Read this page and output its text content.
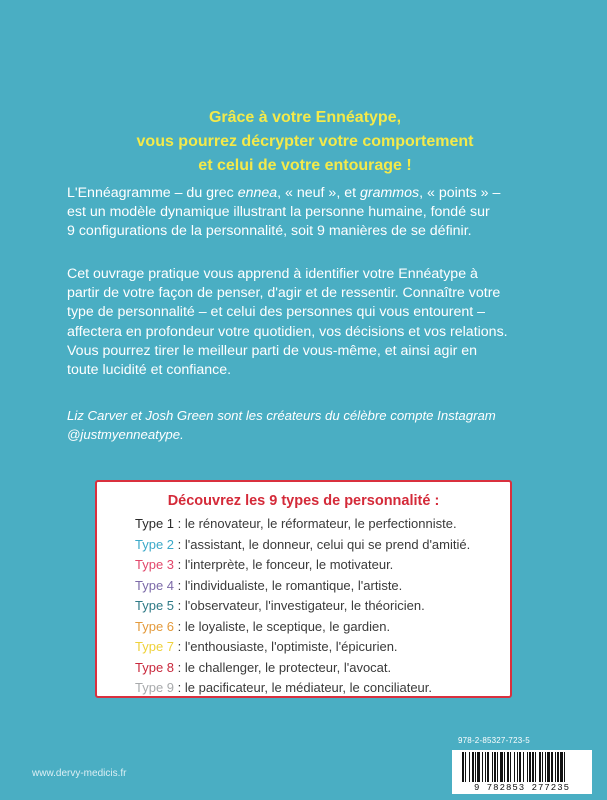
Grâce à votre Ennéatype,
vous pourrez décrypter votre comportement
et celui de votre entourage !
L'Ennéagramme – du grec ennea, « neuf », et grammos, « points » –
est un modèle dynamique illustrant la personne humaine, fondé sur
9 configurations de la personnalité, soit 9 manières de se définir.
Cet ouvrage pratique vous apprend à identifier votre Ennéatype à
partir de votre façon de penser, d'agir et de ressentir. Connaître votre
type de personnalité – et celui des personnes qui vous entourent –
affectera en profondeur votre quotidien, vos décisions et vos relations.
Vous pourrez tirer le meilleur parti de vous-même, et ainsi agir en
toute lucidité et confiance.
Liz Carver et Josh Green sont les créateurs du célèbre compte Instagram
@justmyenneatype.
Découvrez les 9 types de personnalité :
Type 1 : le rénovateur, le réformateur, le perfectionniste.
Type 2 : l'assistant, le donneur, celui qui se prend d'amitié.
Type 3 : l'interprète, le fonceur, le motivateur.
Type 4 : l'individualiste, le romantique, l'artiste.
Type 5 : l'observateur, l'investigateur, le théoricien.
Type 6 : le loyaliste, le sceptique, le gardien.
Type 7 : l'enthousiaste, l'optimiste, l'épicurien.
Type 8 : le challenger, le protecteur, l'avocat.
Type 9 : le pacificateur, le médiateur, le conciliateur.
978-2-85327-723-5
9 782853 277235
www.dervy-medicis.fr
